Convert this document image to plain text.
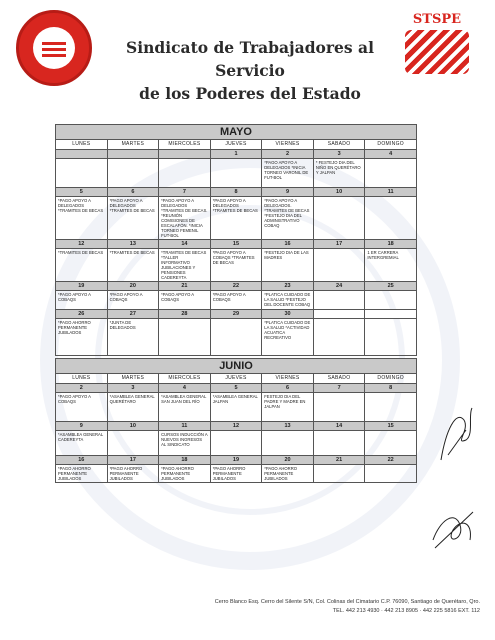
Sindicato de Trabajadores al Servicio
de los Poderes del Estado
STSPE
MAYO						
LUNES	MARTES	MIERCOLES	JUEVES	VIERNES	SABADO	DOMINGO
			1	2	3	4
				*PAGO APOYO A DELEGADOS *INICIA TORNEO VARONIL DE FUT-BOL	* FESTEJO DIA DEL NIÑO EN QUERÉTARO Y JALPAN	
5	6	7	8	9	10	11
*PAGO APOYO A DELEGADOS *TRAMITES DE BECAS	*PAGO APOYO A DELEGADOS *TRAMITES DE BECAS	*PAGO APOYO A DELEGADOS *TRAMITES DE BECAS. *REUNIÓN COMISIONES DE ESCALAFÓN. *INICIA TORNEO FEMENIL FUT-BOL	*PAGO APOYO A DELEGADOS *TRAMITES DE BECAS	*PAGO APOYO A DELEGADOS. *TRAMITES DE BECAS *FESTEJO DIA DEL ADMINISTRATIVO COBAQ		
12	13	14	15	16	17	18
*TRAMITES DE BECAS	*TRAMITES DE BECAS	*TRAMITES DE BECAS *TALLER INFORMATIVO JUBILACIONES Y PENSIONES CADEREYTA	*PAGO APOYO A COBAQS *TRAMITES DE BECAS	*FESTEJO DIA DE LAS MADRES		1 ER CARRERA INTERGREMIAL
19	20	21	22	23	24	25
*PAGO APOYO A COBAQS	*PAGO APOYO A COBAQS	*PAGO APOYO A COBAQS	*PAGO APOYO A COBAQS	*PLATICA CUIDADO DE LA SALUD *FESTEJO DEL DOCENTE COBAQ		
26	27	28	29	30		
*PAGO AHORRO PERMANENTE JUBILADOS	*JUNTA DE DELEGADOS			*PLATICA CUIDADO DE LA SALUD *ACTIVIDAD ACUATICA RECREATIVO		
JUNIO						
LUNES	MARTES	MIERCOLES	JUEVES	VIERNES	SABADO	DOMINGO
2	3	4	5	6	7	8
*PAGO APOYO A COBAQS	*ASAMBLEA GENERAL QUERÉTARO	*ASAMBLEA GENERAL SAN JUAN DEL RÍO	*ASAMBLEA GENERAL JALPAN	FESTEJO DIA DEL PADRE Y MADRE EN JALPAN		
9	10	11	12	13	14	15
*ASAMBLEA GENERAL CADEREYTA		CURSOS INDUCCIÓN A NUEVOS INGRESOS AL SINDICATO				
16	17	18	19	20	21	22
*PAGO AHORRO PERMANENTE JUBILADOS	*PAGO AHORRO PERMANENTE JUBILADOS	*PAGO AHORRO PERMANENTE JUBILADOS	*PAGO AHORRO PERMANENTE JUBILADOS	*PAGO AHORRO PERMANENTE JUBILADOS		
Cerro Blanco Esq. Cerro del Silente S/N, Col. Colinas del Cimatario C.P. 76090, Santiago de Querétaro, Qro.
TEL. 442 213 4930 · 442 213 8905 · 442 225 5816 EXT. 112
